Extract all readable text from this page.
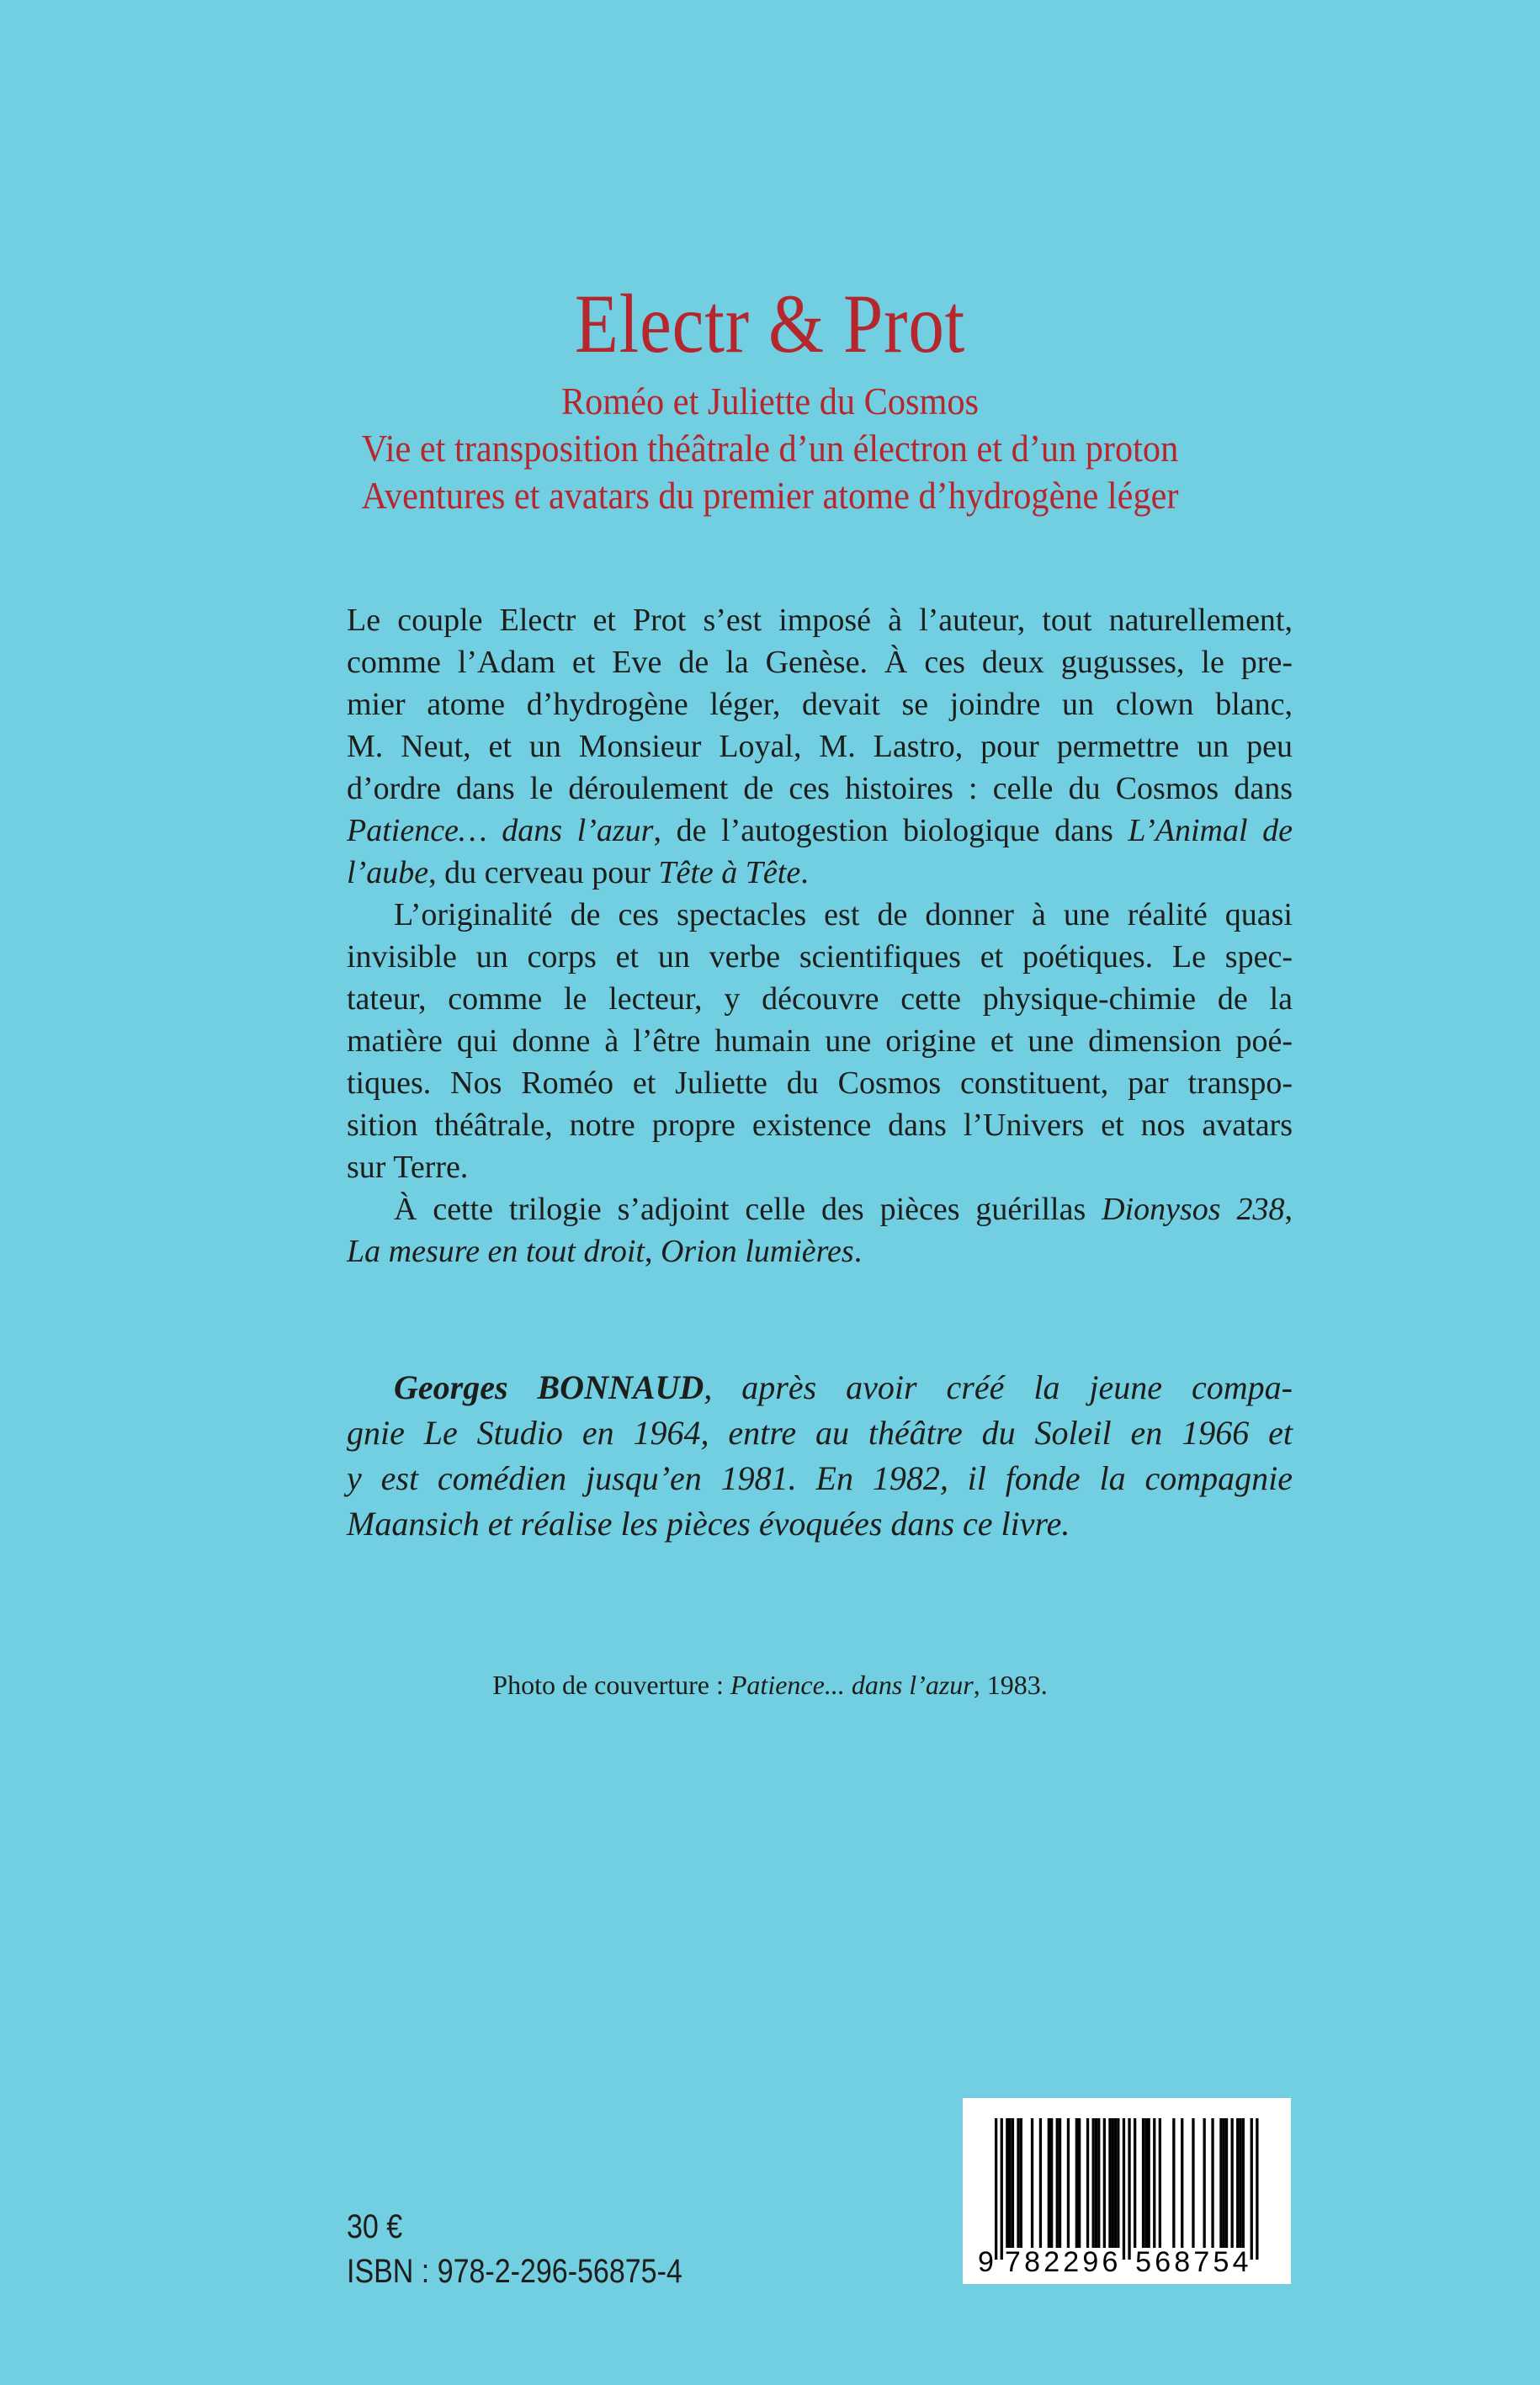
Electr & Prot
Roméo et Juliette du Cosmos
Vie et transposition théâtrale d’un électron et d’un proton
Aventures et avatars du premier atome d’hydrogène léger
Le couple Electr et Prot s’est imposé à l’auteur, tout naturellement,
comme l’Adam et Eve de la Genèse. À ces deux gugusses, le pre-
mier atome d’hydrogène léger, devait se joindre un clown blanc,
M. Neut, et un Monsieur Loyal, M. Lastro, pour permettre un peu
d’ordre dans le déroulement de ces histoires : celle du Cosmos dans
Patience… dans l’azur, de l’autogestion biologique dans L’Animal de
l’aube, du cerveau pour Tête à Tête.
L’originalité de ces spectacles est de donner à une réalité quasi
invisible un corps et un verbe scientifiques et poétiques. Le spec-
tateur, comme le lecteur, y découvre cette physique-chimie de la
matière qui donne à l’être humain une origine et une dimension poé-
tiques. Nos Roméo et Juliette du Cosmos constituent, par transpo-
sition théâtrale, notre propre existence dans l’Univers et nos avatars
sur Terre.
À cette trilogie s’adjoint celle des pièces guérillas Dionysos 238,
La mesure en tout droit, Orion lumières.
Georges BONNAUD, après avoir créé la jeune compa-
gnie Le Studio en 1964, entre au théâtre du Soleil en 1966 et
y est comédien jusqu’en 1981. En 1982, il fonde la compagnie
Maansich et réalise les pièces évoquées dans ce livre.
Photo de couverture : Patience... dans l’azur, 1983.
30 €
ISBN : 978-2-296-56875-4	9 7 8 2 2 9 6 5 6 8 7 5 4
